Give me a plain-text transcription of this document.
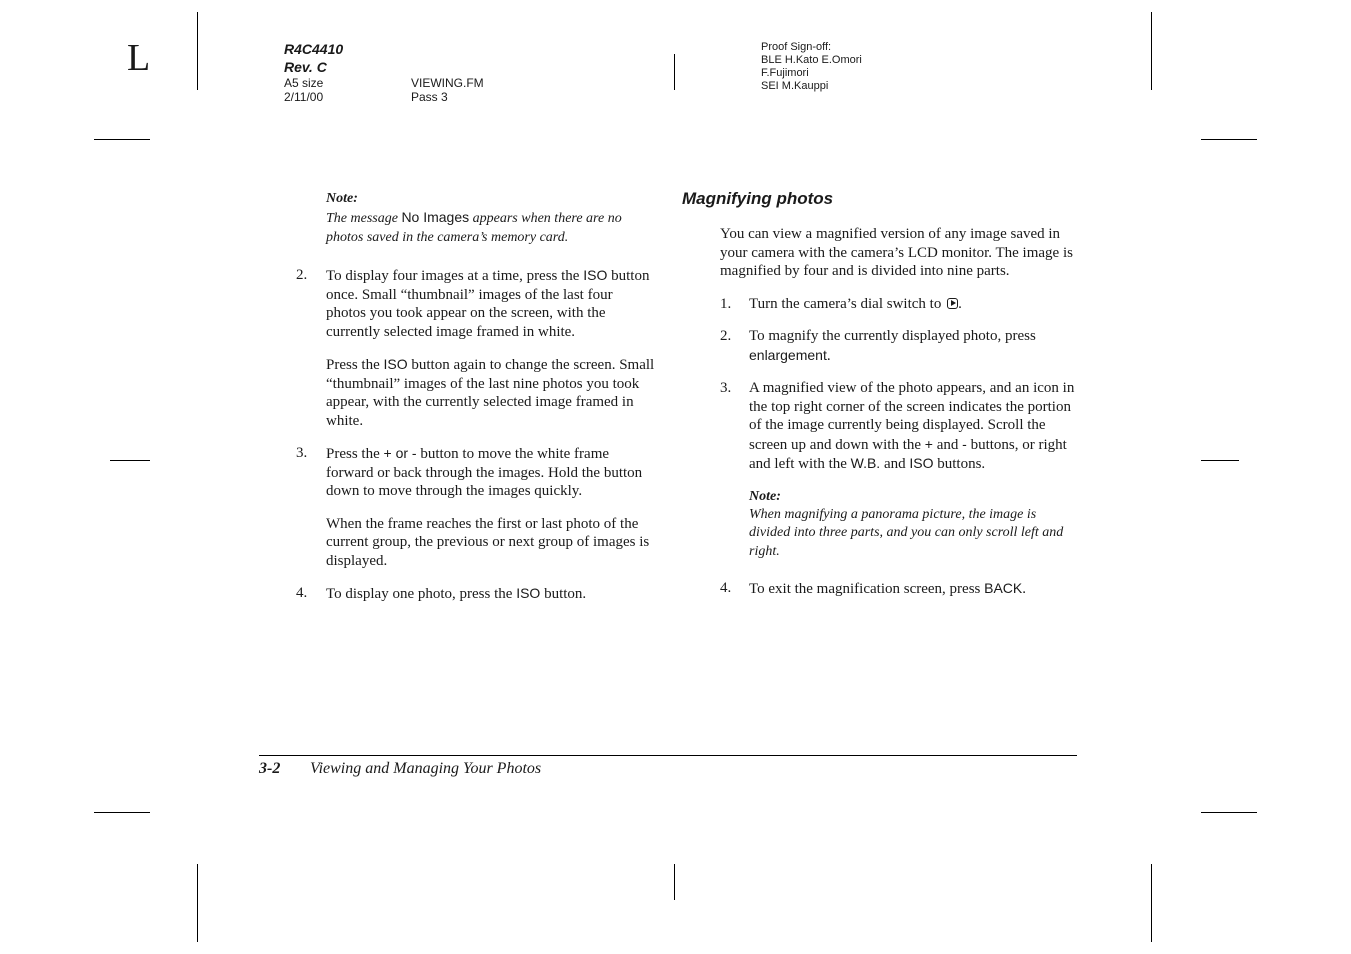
L	R4C4410
Rev. C
A5 size	VIEWING.FM
2/11/00	Pass 3
Proof Sign-off:
BLE H.Kato E.Omori
F.Fujimori
SEI M.Kauppi
Note:
The message No Images appears when there are no photos saved in the camera’s memory card.
2. To display four images at a time, press the ISO button once. Small “thumbnail” images of the last four photos you took appear on the screen, with the currently selected image framed in white.
Press the ISO button again to change the screen. Small “thumbnail” images of the last nine photos you took appear, with the currently selected image framed in white.
3. Press the + or - button to move the white frame forward or back through the images. Hold the button down to move through the images quickly.
When the frame reaches the first or last photo of the current group, the previous or next group of images is displayed.
4. To display one photo, press the ISO button.
Magnifying photos
You can view a magnified version of any image saved in your camera with the camera’s LCD monitor. The image is magnified by four and is divided into nine parts.
1. Turn the camera’s dial switch to .
2. To magnify the currently displayed photo, press enlargement.
3. A magnified view of the photo appears, and an icon in the top right corner of the screen indicates the portion of the image currently being displayed. Scroll the screen up and down with the + and - buttons, or right and left with the W.B. and ISO buttons.
Note:
When magnifying a panorama picture, the image is divided into three parts, and you can only scroll left and right.
4. To exit the magnification screen, press BACK.
3-2 Viewing and Managing Your Photos
